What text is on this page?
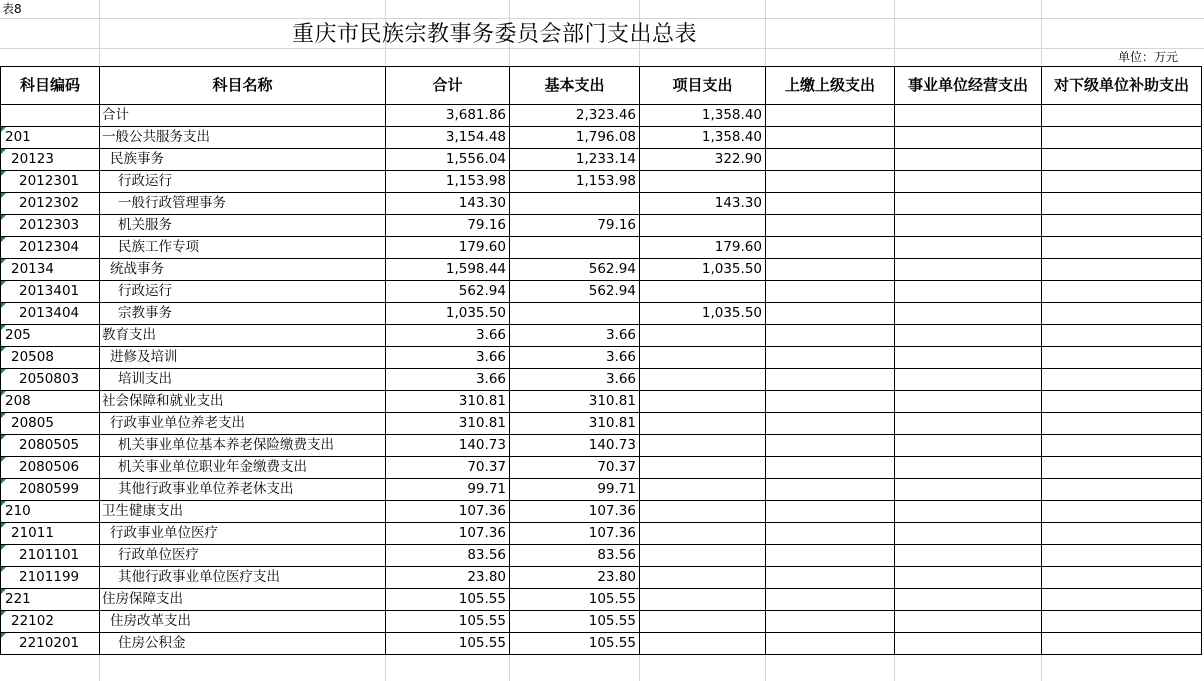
表8
重庆市民族宗教事务委员会部门支出总表
单位：万元
科目编码	科目名称	合计	基本支出	项目支出	上缴上级支出	事业单位经营支出	对下级单位补助支出
	合计	3,681.86	2,323.46	1,358.40			
201	一般公共服务支出	3,154.48	1,796.08	1,358.40			
20123	民族事务	1,556.04	1,233.14	322.90			
2012301	行政运行	1,153.98	1,153.98				
2012302	一般行政管理事务	143.30		143.30			
2012303	机关服务	79.16	79.16				
2012304	民族工作专项	179.60		179.60			
20134	统战事务	1,598.44	562.94	1,035.50			
2013401	行政运行	562.94	562.94				
2013404	宗教事务	1,035.50		1,035.50			
205	教育支出	3.66	3.66				
20508	进修及培训	3.66	3.66				
2050803	培训支出	3.66	3.66				
208	社会保障和就业支出	310.81	310.81				
20805	行政事业单位养老支出	310.81	310.81				
2080505	机关事业单位基本养老保险缴费支出	140.73	140.73				
2080506	机关事业单位职业年金缴费支出	70.37	70.37				
2080599	其他行政事业单位养老休支出	99.71	99.71				
210	卫生健康支出	107.36	107.36				
21011	行政事业单位医疗	107.36	107.36				
2101101	行政单位医疗	83.56	83.56				
2101199	其他行政事业单位医疗支出	23.80	23.80				
221	住房保障支出	105.55	105.55				
22102	住房改革支出	105.55	105.55				
2210201	住房公积金	105.55	105.55				
